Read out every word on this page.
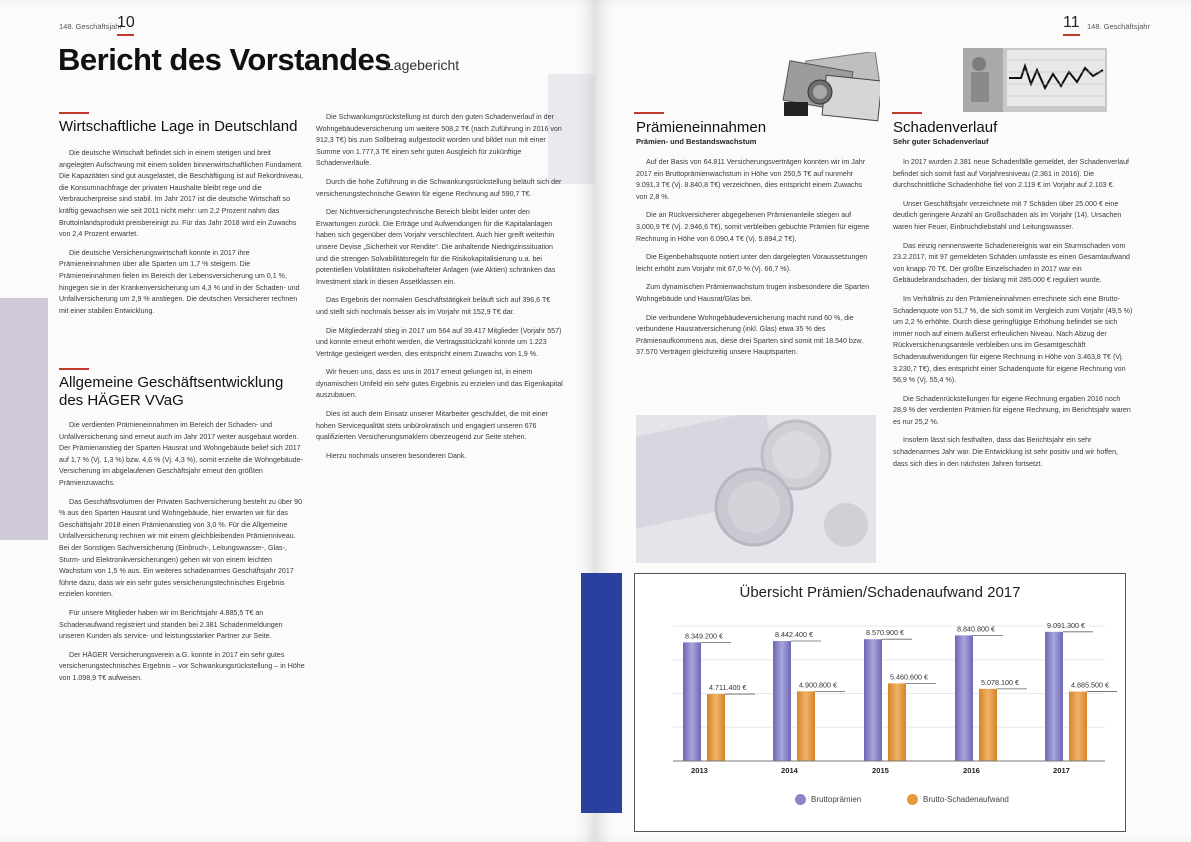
148. Geschäftsjahr
10
Bericht des Vorstandes
Lagebericht
Wirtschaftliche Lage in Deutschland

Die deutsche Wirtschaft befindet sich in einem stetigen und breit angelegten Aufschwung mit einem soliden binnenwirtschaftlichen Fundament. Die Kapazitäten sind gut ausgelastet, die Beschäftigung ist auf Rekordniveau, die Konsumnachfrage der privaten Haushalte bleibt rege und die Verbraucherpreise sind stabil. Im Jahr 2017 ist die deutsche Wirtschaft so kräftig gewachsen wie seit 2011 nicht mehr: um 2,2 Prozent nahm das Bruttoinlandsprodukt preisbereinigt zu. Für das Jahr 2018 wird ein Zuwachs von 2,4 Prozent erwartet.

Die deutsche Versicherungswirtschaft konnte in 2017 ihre Prämieneinnahmen über alle Sparten um 1,7 % steigern. Die Prämieneinnahmen fielen im Bereich der Lebensversicherung um 0,1 %, hingegen sie in der Krankenversicherung um 4,3 % und in der Schaden- und Unfallversicherung um 2,9 % anstiegen. Die deutschen Versicherer rechnen mit einer stabilen Entwicklung.

Allgemeine Geschäftsentwicklung des HÄGER VVaG

Die verdienten Prämieneinnahmen im Bereich der Schaden- und Unfallversicherung sind erneut auch im Jahr 2017 weiter ausgebaut worden. Der Prämienanstieg der Sparten Hausrat und Wohngebäude belief sich 2017 auf 1,7 % (Vj. 1,3 %) bzw. 4,6 % (Vj. 4,3 %), somit erzielte die Wohngebäude-Versicherung im abgelaufenen Geschäftsjahr erneut den größten Prämienzuwachs.

Das Geschäftsvolumen der Privaten Sachversicherung besteht zu über 90 % aus den Sparten Hausrat und Wohngebäude, hier erwarten wir für das Geschäftsjahr 2018 einen Prämienanstieg von 3,0 %. Für die Allgemeine Unfallversicherung rechnen wir mit einem gleichbleibenden Prämienniveau. Bei der Sonstigen Sachversicherung (Einbruch-, Leitungswasser-, Glas-, Sturm- und Elektronikversicherungen) gehen wir von einem leichten Wachstum von 1,5 % aus. Ein weiteres schadenarmes Geschäftsjahr 2017 führte dazu, dass wir ein sehr gutes versicherungstechnisches Ergebnis erzielen konnten.

Für unsere Mitglieder haben wir im Berichtsjahr 4.885,5 T€ an Schadenaufwand registriert und standen bei 2.381 Schadenmeldungen unseren Kunden als service- und leistungsstarker Partner zur Seite.

Der HÄGER Versicherungsverein a.G. konnte in 2017 ein sehr gutes versicherungstechnisches Ergebnis – vor Schwankungsrückstellung – in Höhe von 1.098,9 T€ aufweisen.

Die Schwankungsrückstellung ist durch den guten Schadenverlauf in der Wohngebäudeversicherung um weitere 508,2 T€ (nach Zuführung in 2016 von 912,3 T€) bis zum Sollbetrag aufgestockt worden und bildet nun mit einer Summe von 1.777,3 T€ einen sehr guten Ausgleich für zukünftige Schadenverläufe.

Durch die hohe Zuführung in die Schwankungsrückstellung beläuft sich der versicherungstechnische Gewinn für eigene Rechnung auf 590,7 T€.

Der Nichtversicherungstechnische Bereich bleibt leider unter den Erwartungen zurück. Die Erträge und Aufwendungen für die Kapitalanlagen haben sich gegenüber dem Vorjahr verschlechtert. Auch hier greift weiterhin unsere Devise „Sicherheit vor Rendite“. Die anhaltende Niedrigzinssituation und die strengen Solvabilitätsregeln für die Risikokapitalisierung u.a. bei potentiellen Volatilitäten risikobehafteter Anlagen (wie Aktien) schränken das Investment stark in diesen Assetklassen ein.

Das Ergebnis der normalen Geschäftstätigkeit beläuft sich auf 396,6 T€ und stellt sich nochmals besser als im Vorjahr mit 152,9 T€ dar.

Die Mitgliederzahl stieg in 2017 um 564 auf 39.417 Mitglieder (Vorjahr 557) und konnte erneut erhöht werden, die Vertragsstückzahl konnte um 1.223 Verträge gesteigert werden, dies entspricht einem Zuwachs von 1,9 %.

Wir freuen uns, dass es uns in 2017 erneut gelungen ist, in einem dynamischen Umfeld ein sehr gutes Ergebnis zu erzielen und das Eigenkapital auszubauen.

Dies ist auch dem Einsatz unserer Mitarbeiter geschuldet, die mit einer hohen Servicequalität stets unbürokratisch und engagiert unseren 676 qualifizierten Versicherungsmaklern überzeugend zur Seite stehen.

Hierzu nochmals unseren besonderen Dank.

11 148. Geschäftsjahr
Prämieneinnahmen
Prämien- und Bestandswachstum

Auf der Basis von 64.811 Versicherungsverträgen konnten wir im Jahr 2017 ein Bruttoprämienwachstum in Höhe von 250,5 T€ auf nunmehr 9.091,3 T€ (Vj. 8.840,8 T€) verzeichnen, dies entspricht einem Zuwachs von 2,8 %.

Die an Rückversicherer abgegebenen Prämienanteile stiegen auf 3.000,9 T€ (Vj. 2.946,6 T€), somit verbleiben gebuchte Prämien für eigene Rechnung in Höhe von 6.090,4 T€ (Vj. 5.894,2 T€).

Die Eigenbehaltsquote notiert unter den dargelegten Voraussetzungen leicht erhöht zum Vorjahr mit 67,0 % (Vj. 66,7 %).

Zum dynamischen Prämienwachstum trugen insbesondere die Sparten Wohngebäude und Hausrat/Glas bei.

Die verbundene Wohngebäudeversicherung macht rund 60 %, die verbundene Hausratversicherung (inkl. Glas) etwa 35 % des Prämienaufkommens aus, diese drei Sparten sind somit mit 18.540 bzw. 37.570 Verträgen gleichzeitig unsere Hauptsparten.

Schadenverlauf
Sehr guter Schadenverlauf

In 2017 wurden 2.381 neue Schadenfälle gemeldet, der Schadenverlauf befindet sich somit fast auf Vorjahresniveau (2.361 in 2016). Die durchschnittliche Schadenhöhe fiel von 2.119 € im Vorjahr auf 2.103 €.

Unser Geschäftsjahr verzeichnete mit 7 Schäden über 25.000 € eine deutlich geringere Anzahl an Großschäden als im Vorjahr (14). Ursachen waren hier Feuer, Einbruchdiebstahl und Leitungswasser.

Das einzig nennenswerte Schadenereignis war ein Sturmschaden vom 23.2.2017, mit 97 gemeldeten Schäden umfasste es einen Gesamtaufwand von knapp 70 T€. Der größte Einzelschaden in 2017 war ein Gebäudebrandschaden, der bislang mit 285.000 € reguliert wurde.

Im Verhältnis zu den Prämieneinnahmen errechnete sich eine Brutto-Schadenquote von 51,7 %, die sich somit im Vergleich zum Vorjahr (49,5 %) um 2,2 % erhöhte. Durch diese geringfügige Erhöhung befindet sie sich immer noch auf einem äußerst erfreulichen Niveau. Nach Abzug der Rückversicherungsanteile verbleiben uns im Gesamtgeschäft Schadenaufwendungen für eigene Rechnung in Höhe von 3.463,8 T€ (Vj. 3.230,7 T€), dies entspricht einer Schadenquote für eigene Rechnung von 56,9 % (Vj. 55,4 %).

Die Schadenrückstellungen für eigene Rechnung ergaben 2016 noch 28,9 % der verdienten Prämien für eigene Rechnung, im Berichtsjahr waren es nur 25,2 %.

Insofern lässt sich festhalten, dass das Berichtsjahr ein sehr schadenarmes Jahr war. Die Entwicklung ist sehr positiv und wir hoffen, dass sich dies in den nächsten Jahren fortsetzt.

Übersicht Prämien/Schadenaufwand 2017
8.349.200 €
4.711.400 €
2013
8.442.400 €
4.900.800 €
2014
8.570.900 €
5.460.600 €
2015
8.840.800 €
5.078.100 €
2016
9.091.300 €
4.885.500 €
2017
Bruttoprämien	Brutto-Schadenaufwand
